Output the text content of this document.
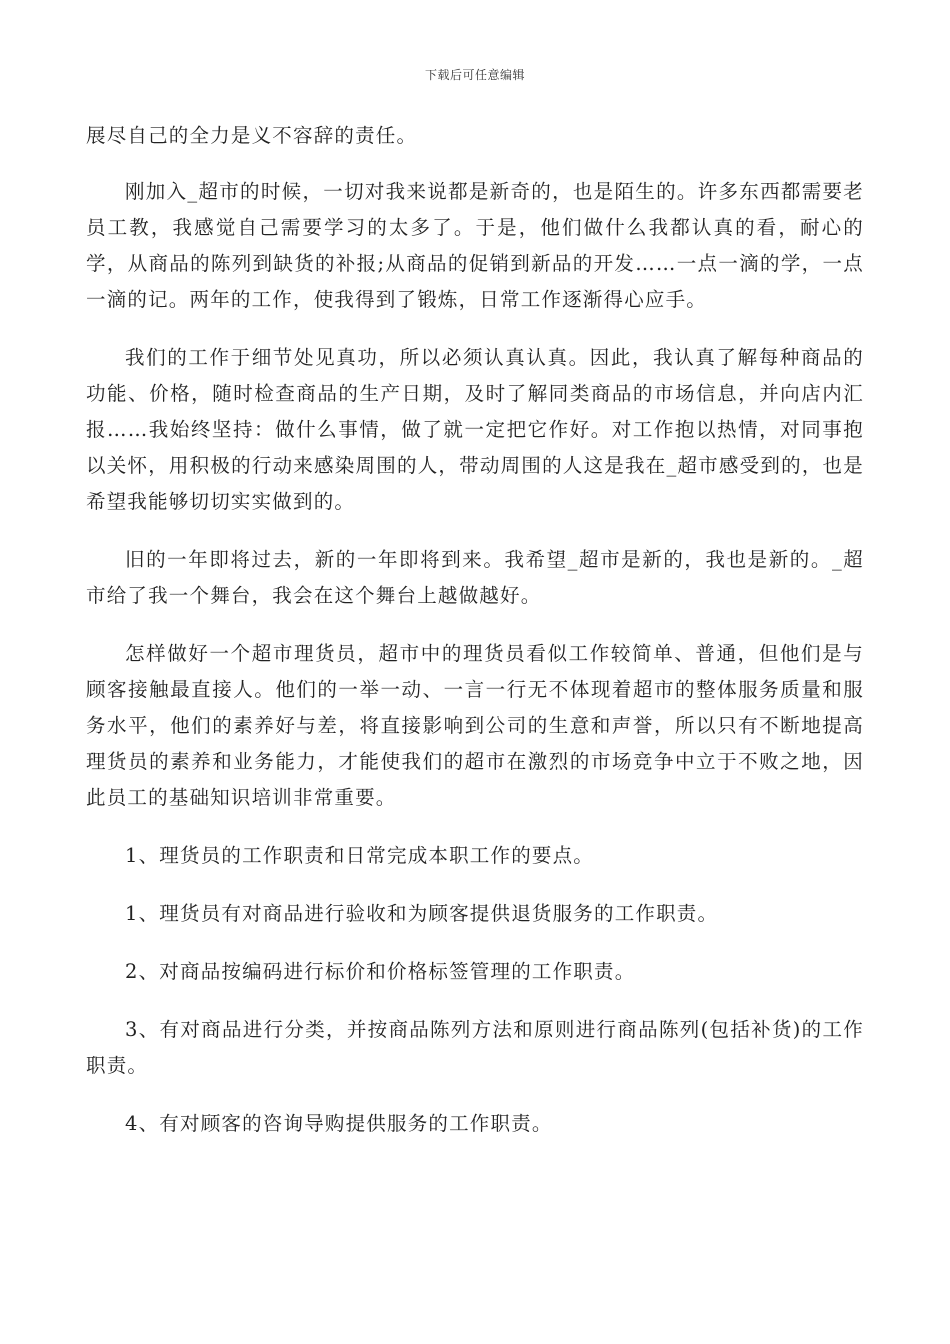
下载后可任意编辑

展尽自己的全力是义不容辞的责任。

刚加入_超市的时候，一切对我来说都是新奇的，也是陌生的。许多东西都需要老员工教，我感觉自己需要学习的太多了。于是，他们做什么我都认真的看，耐心的学，从商品的陈列到缺货的补报;从商品的促销到新品的开发……一点一滴的学，一点一滴的记。两年的工作，使我得到了锻炼，日常工作逐渐得心应手。

我们的工作于细节处见真功，所以必须认真认真。因此，我认真了解每种商品的功能、价格，随时检查商品的生产日期，及时了解同类商品的市场信息，并向店内汇报……我始终坚持：做什么事情，做了就一定把它作好。对工作抱以热情，对同事抱以关怀，用积极的行动来感染周围的人，带动周围的人这是我在_超市感受到的，也是希望我能够切切实实做到的。

旧的一年即将过去，新的一年即将到来。我希望_超市是新的，我也是新的。_超市给了我一个舞台，我会在这个舞台上越做越好。

怎样做好一个超市理货员，超市中的理货员看似工作较简单、普通，但他们是与顾客接触最直接人。他们的一举一动、一言一行无不体现着超市的整体服务质量和服务水平，他们的素养好与差，将直接影响到公司的生意和声誉，所以只有不断地提高理货员的素养和业务能力，才能使我们的超市在激烈的市场竞争中立于不败之地，因此员工的基础知识培训非常重要。

1、理货员的工作职责和日常完成本职工作的要点。

1、理货员有对商品进行验收和为顾客提供退货服务的工作职责。

2、对商品按编码进行标价和价格标签管理的工作职责。

3、有对商品进行分类，并按商品陈列方法和原则进行商品陈列(包括补货)的工作职责。

4、有对顾客的咨询导购提供服务的工作职责。
